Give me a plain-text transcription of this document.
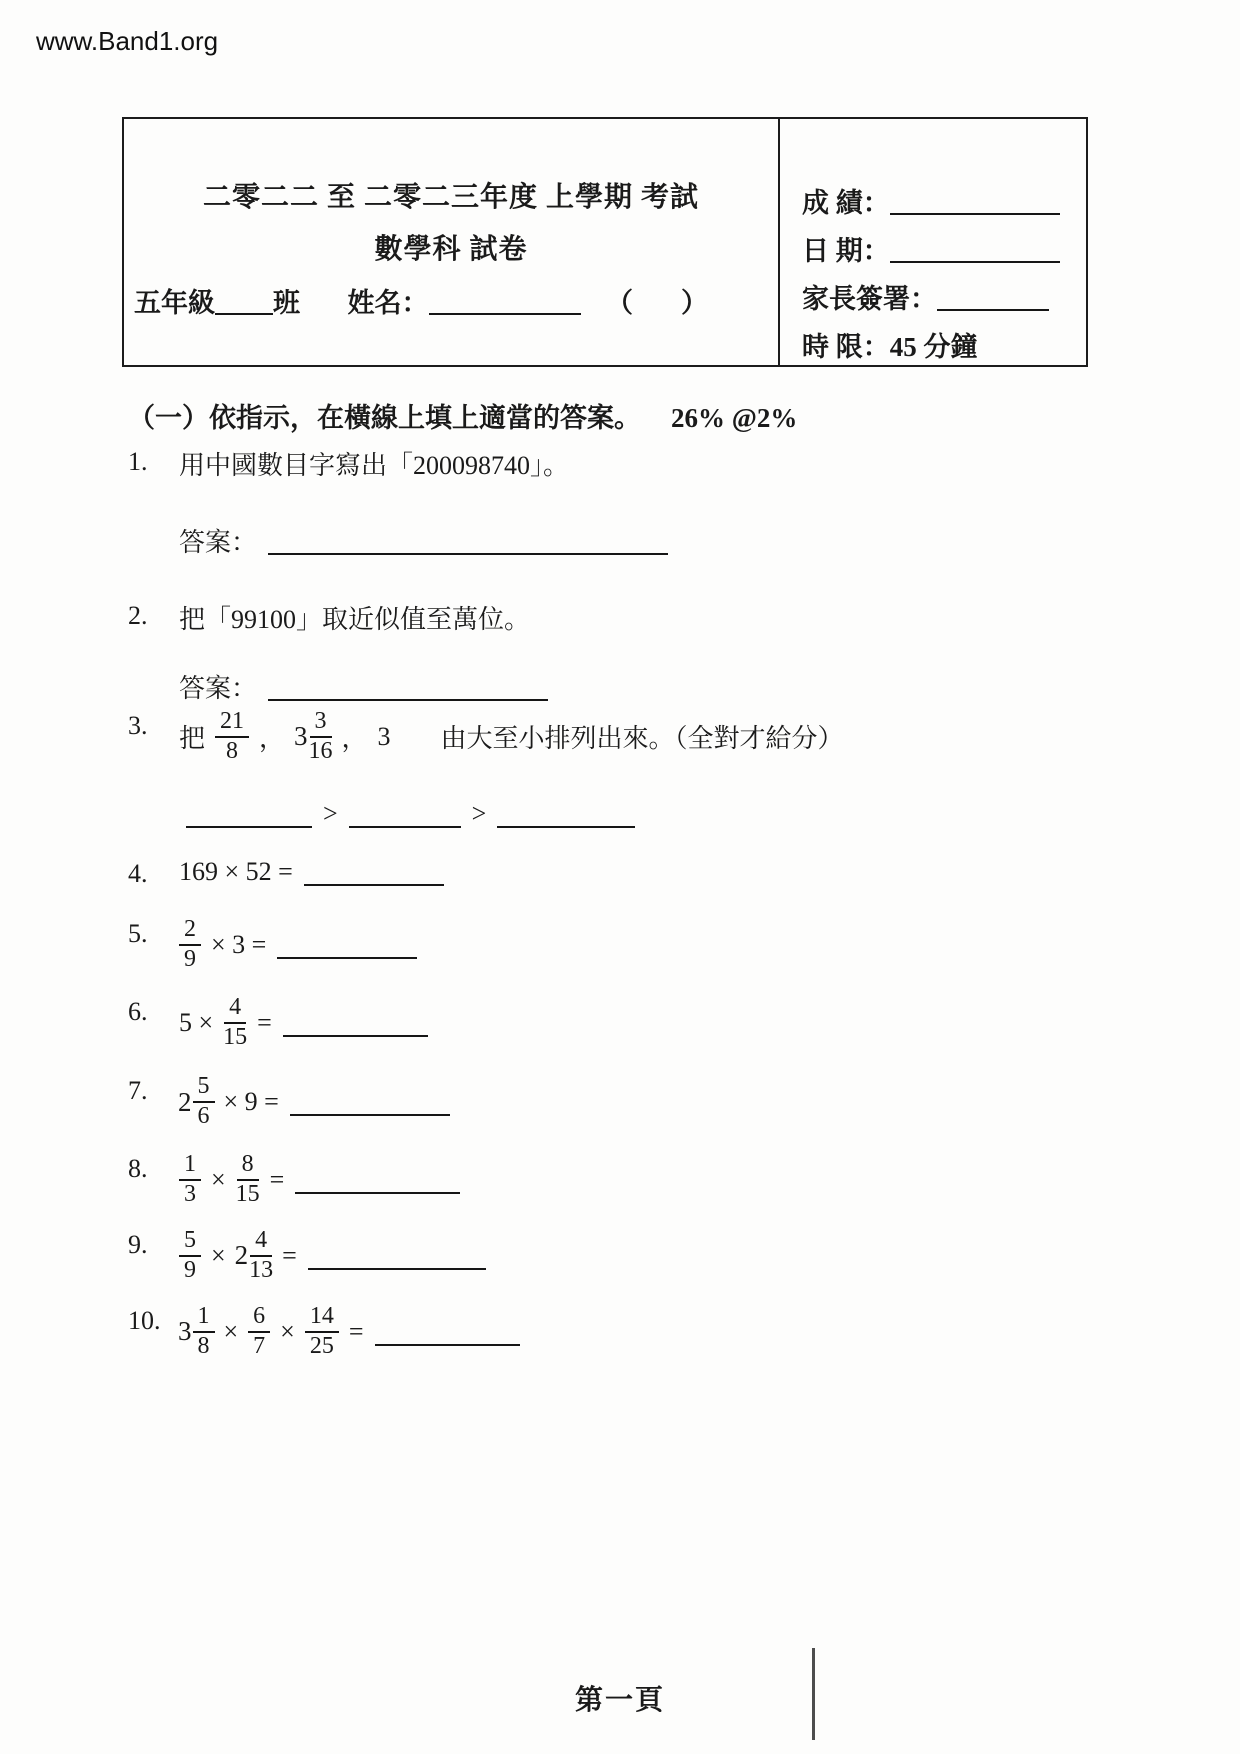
www.Band1.org
二零二二 至 二零二三年度 上學期 考試
數學科 試卷
五年級 班 姓名：	（ ）
成 績：
日 期：
家長簽署：
時 限：45 分鐘
（一）依指示，在橫線上填上適當的答案。 26% @2%
1.	用中國數目字寫出「200098740」。
答案：
2.	把「99100」取近似值至萬位。
答案：
3.	把 $\frac{21}{8}$ ， $3 \frac{3}{16}$ ， 3 由大至小排列出來。（全對才給分）
>	>
4.	169 × 52 =
5.	$\frac{2}{9} \times 3$ =
6.	$5 \times \frac{4}{15}$ =
7.	$2 \frac{5}{6} \times 9$ =
8.	$\frac{1}{3} \times \frac{8}{15}$ =
9.	$\frac{5}{9} \times 2 \frac{4}{13}$ =
10. $3 \frac{1}{8} \times \frac{6}{7} \times \frac{14}{25}$ =
第一頁
